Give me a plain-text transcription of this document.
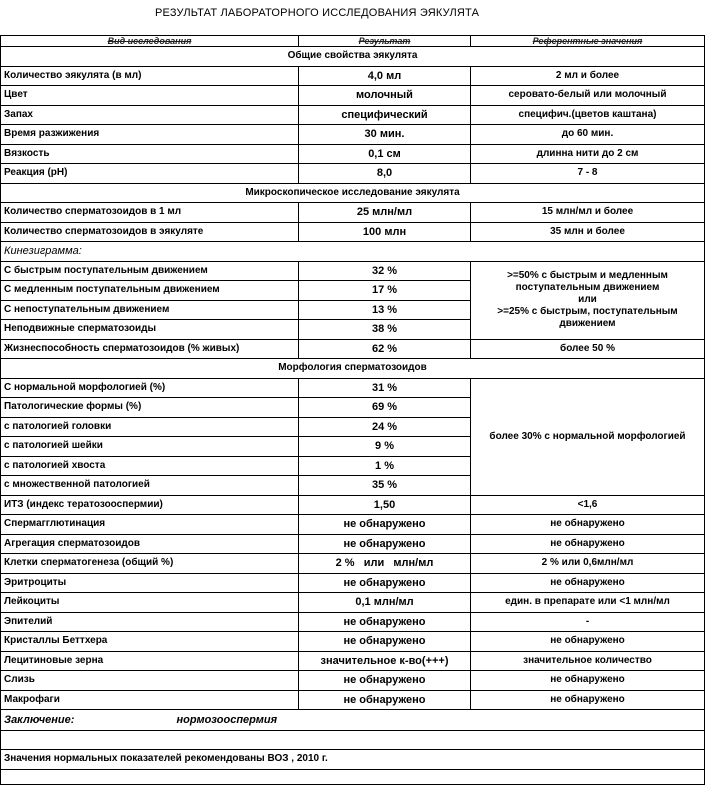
РЕЗУЛЬТАТ ЛАБОРАТОРНОГО ИССЛЕДОВАНИЯ ЭЯКУЛЯТА
Вид исследования	Результат	Референтные значения
Общие свойства эякулята		
Количество эякулята (в мл)	4,0 мл	2 мл и более
Цвет	молочный	сероватo-белый или молочный
Запах	специфический	специфич.(цветов каштана)
Время разжижения	30 мин.	до 60 мин.
Вязкость	0,1 см	длинна нити до 2 см
Реакция (pH)	8,0	7 - 8
Микроскопическое исследование эякулята		
Количество сперматозоидов в 1 мл	25 млн/мл	15 млн/мл и более
Количество сперматозоидов в эякуляте	100 млн	35 млн и более
Кинезиграмма:		
С быстрым поступательным движением	32 %	>=50% с быстрым и медленным
поступательным движением
или
>=25% с быстрым, поступательным
движением

С медленным поступательным движением	17 %	
С непоступательным движением	13 %	
Неподвижные сперматозоиды	38 %	
Жизнеспособность сперматозоидов (% живых)	62 %	более 50 %
Морфология сперматозоидов		
С нормальной морфологией (%)	31 %	более 30% с нормальной морфологией
Патологические формы (%)	69 %	
с патологией головки	24 %	
с патологией шейки	9 %	
с патологией хвоста	1 %	
с множественной патологией	35 %	
ИТЗ (индекс тератозооспермии)	1,50	<1,6
Спермагглютинация	не обнаружено	не обнаружено
Агрегация сперматозоидов	не обнаружено	не обнаружено
Клетки сперматогенеза (общий %)	2 %   или   млн/мл	2 % или 0,6млн/мл
Эритроциты	не обнаружено	не обнаружено
Лейкоциты	0,1 млн/мл	един. в препарате или <1 млн/мл
Эпителий	не обнаружено	-
Кристаллы Беттхера	не обнаружено	не обнаружено
Лецитиновые зерна	значительное к-во(+++)	значительное количество
Слизь	не обнаружено	не обнаружено
Макрофаги	не обнаружено	не обнаружено
Заключение:	нормозооспермия	

Значения нормальных показателей рекомендованы ВОЗ , 2010 г.		
